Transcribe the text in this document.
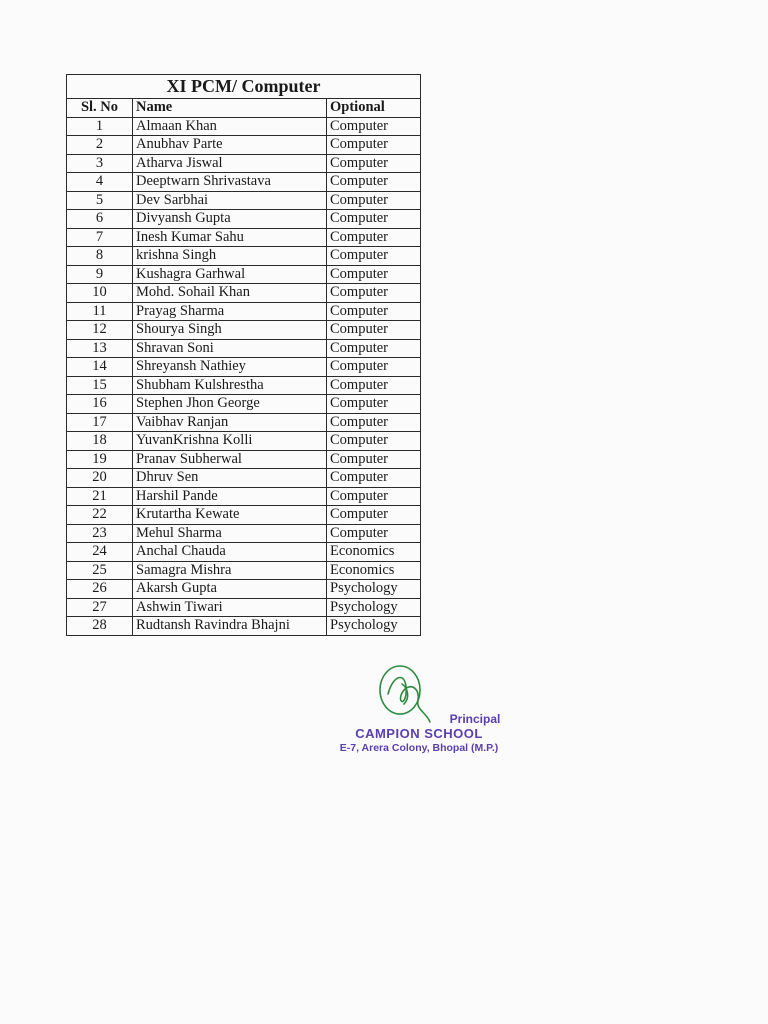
XI PCM/ Computer		
Sl. No	Name	Optional
1	Almaan Khan	Computer
2	Anubhav Parte	Computer
3	Atharva Jiswal	Computer
4	Deeptwarn Shrivastava	Computer
5	Dev Sarbhai	Computer
6	Divyansh Gupta	Computer
7	Inesh Kumar Sahu	Computer
8	krishna Singh	Computer
9	Kushagra Garhwal	Computer
10	Mohd. Sohail Khan	Computer
11	Prayag Sharma	Computer
12	Shourya Singh	Computer
13	Shravan Soni	Computer
14	Shreyansh Nathiey	Computer
15	Shubham Kulshrestha	Computer
16	Stephen Jhon George	Computer
17	Vaibhav Ranjan	Computer
18	YuvanKrishna Kolli	Computer
19	Pranav Subherwal	Computer
20	Dhruv Sen	Computer
21	Harshil Pande	Computer
22	Krutartha Kewate	Computer
23	Mehul Sharma	Computer
24	Anchal Chauda	Economics
25	Samagra Mishra	Economics
26	Akarsh Gupta	Psychology
27	Ashwin Tiwari	Psychology
28	Rudtansh Ravindra Bhajni	Psychology
Principal
CAMPION SCHOOL
E-7, Arera Colony, Bhopal (M.P.)
